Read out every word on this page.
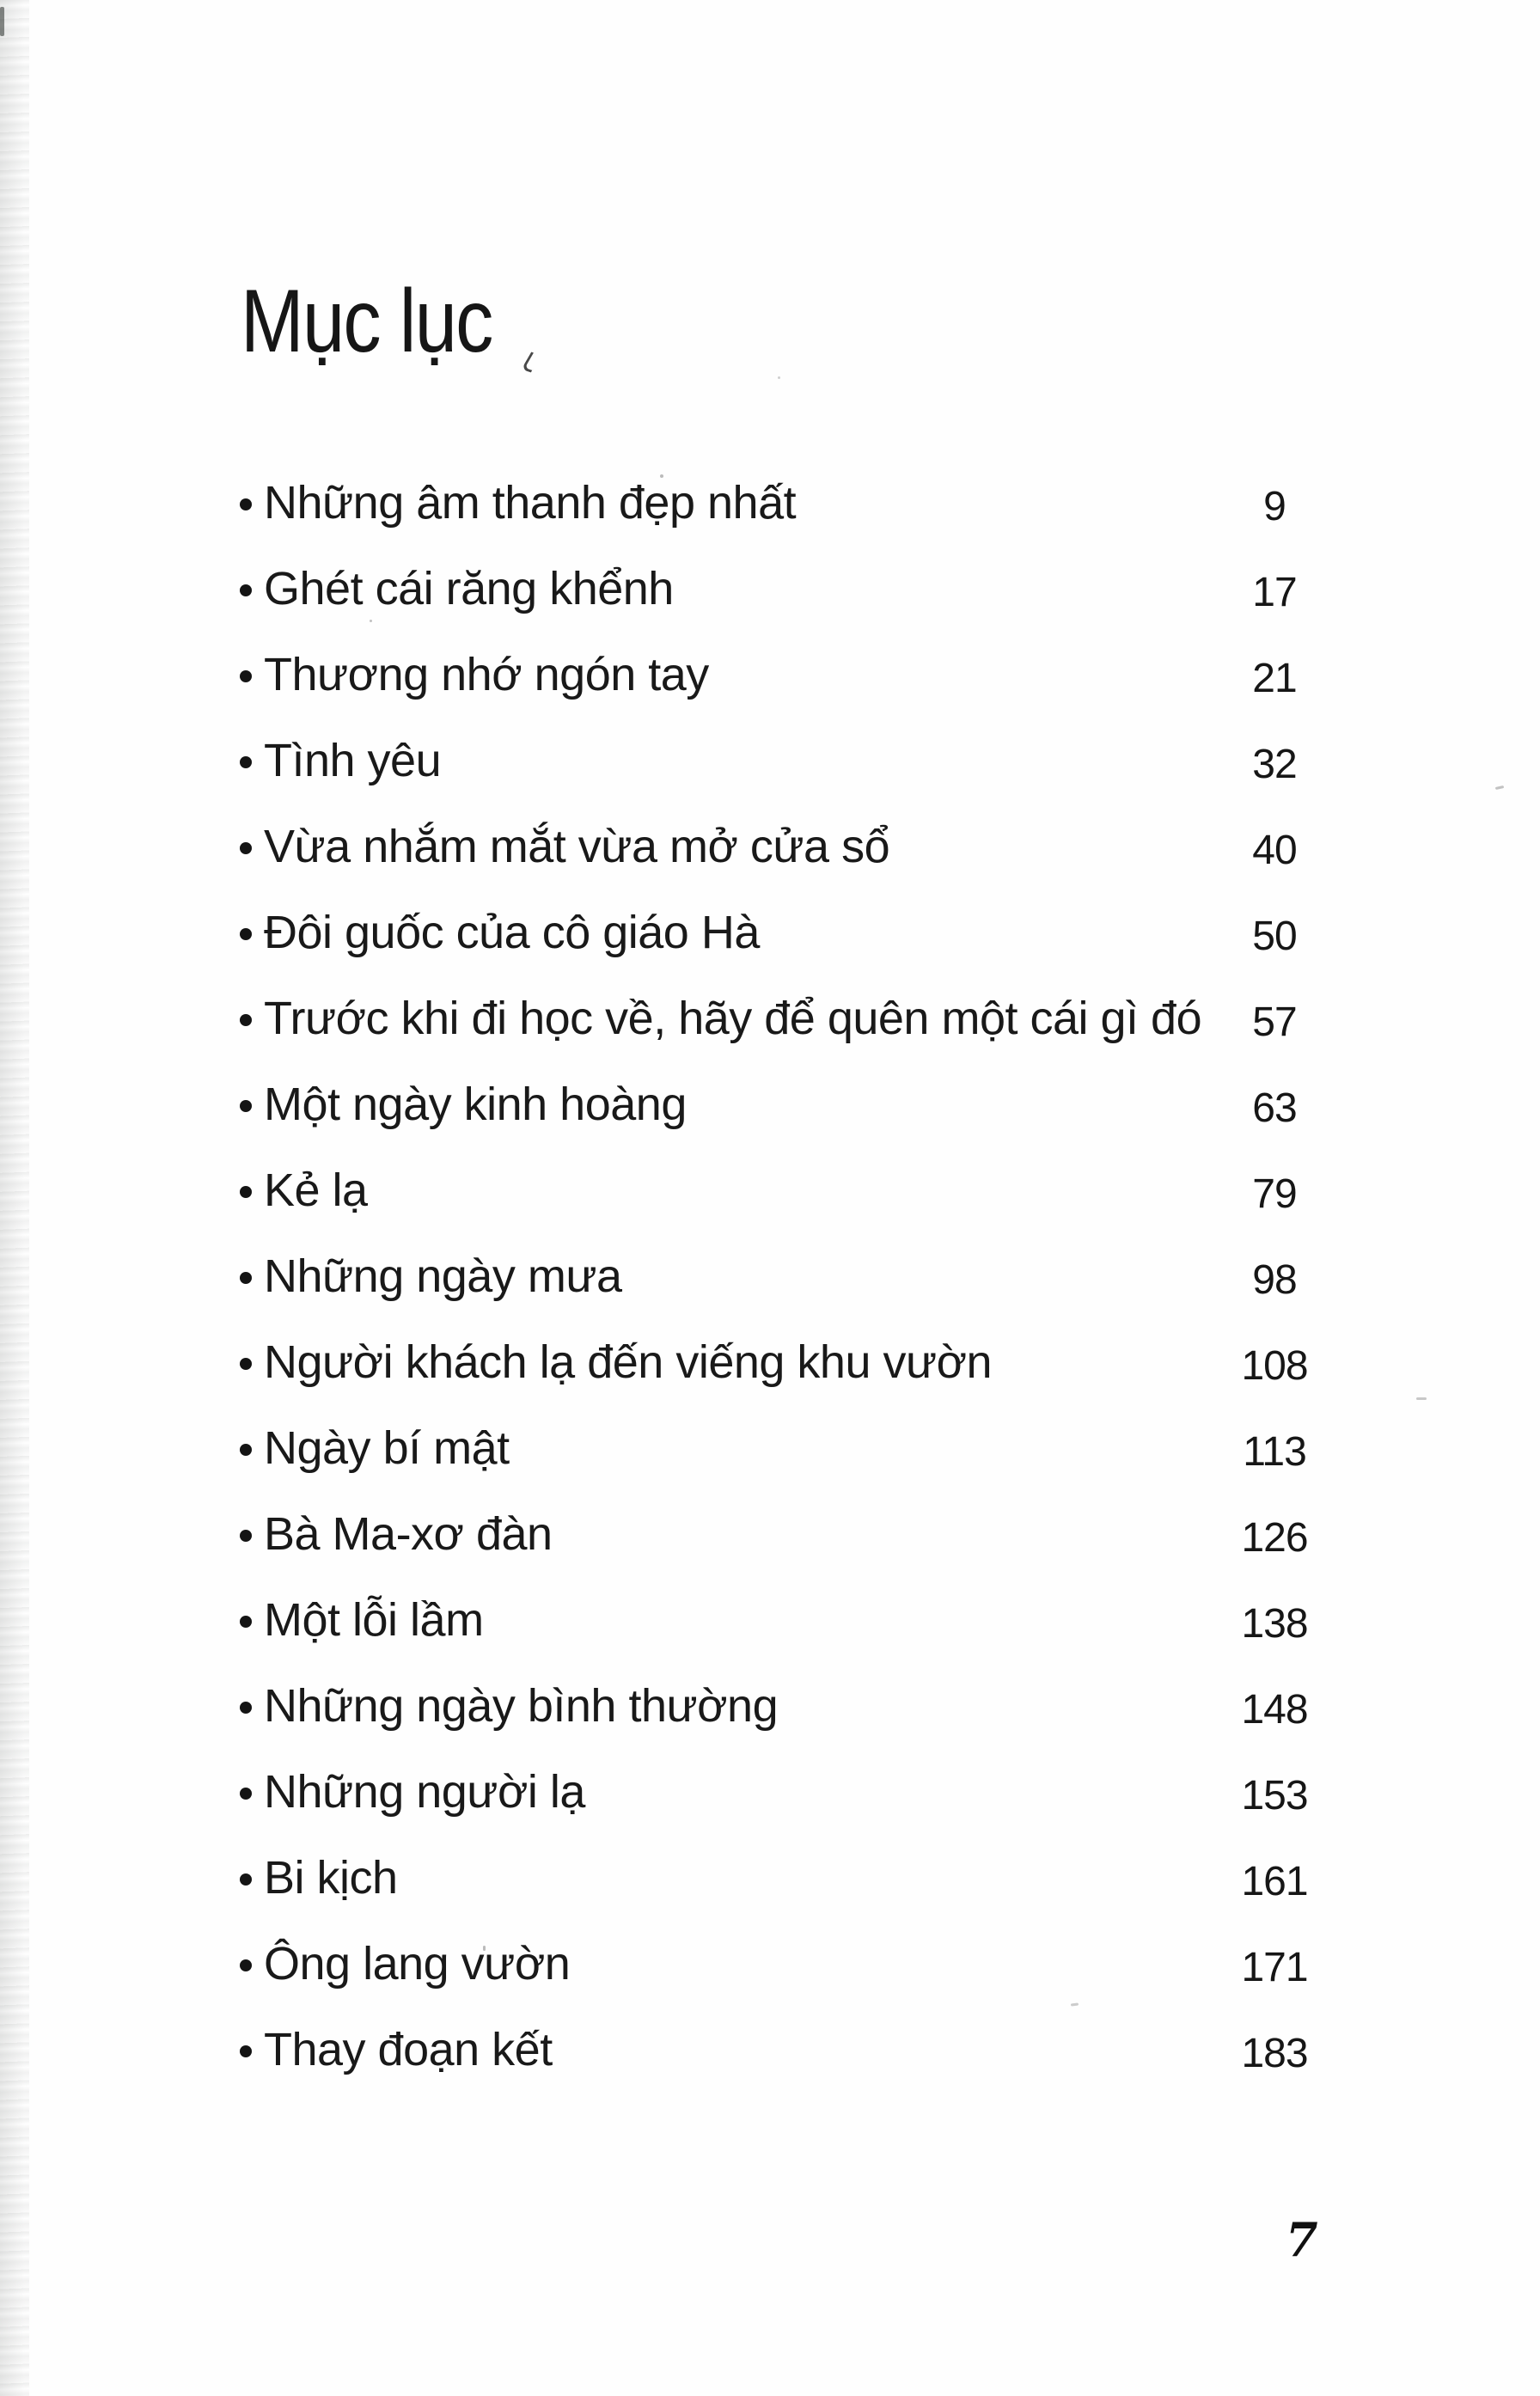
Mục lục
Những âm thanh đẹp nhất	9
Ghét cái răng khểnh	17
Thương nhớ ngón tay	21
Tình yêu	32
Vừa nhắm mắt vừa mở cửa sổ	40
Đôi guốc của cô giáo Hà	50
Trước khi đi học về, hãy để quên một cái gì đó	57
Một ngày kinh hoàng	63
Kẻ lạ	79
Những ngày mưa	98
Người khách lạ đến viếng khu vườn	108
Ngày bí mật	113
Bà Ma-xơ đàn	126
Một lỗi lầm	138
Những ngày bình thường	148
Những người lạ	153
Bi kịch	161
Ông lang vườn	171
Thay đoạn kết	183
7
